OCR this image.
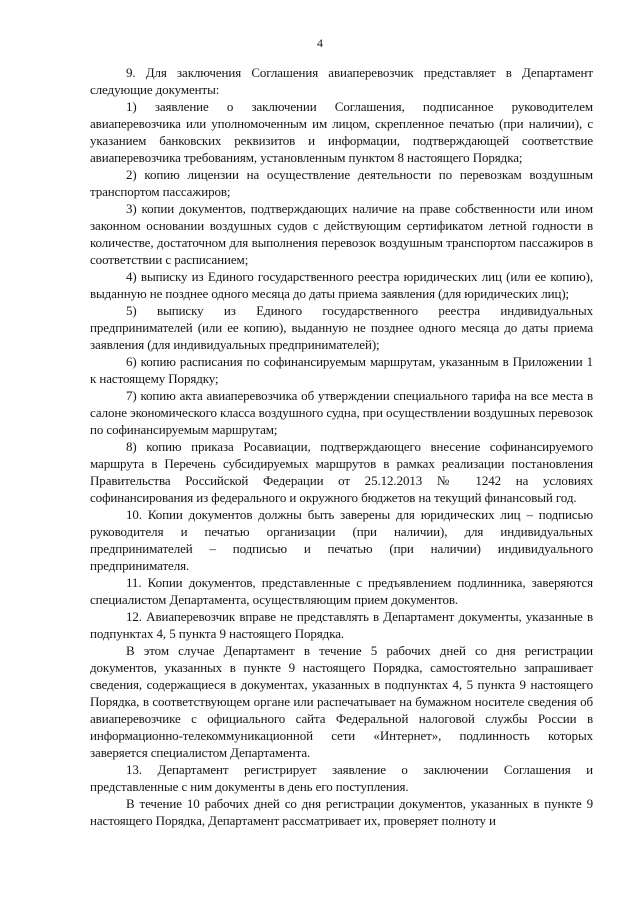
4

9. Для заключения Соглашения авиаперевозчик представляет в Департамент следующие документы:

1) заявление о заключении Соглашения, подписанное руководителем авиаперевозчика или уполномоченным им лицом, скрепленное печатью (при наличии), с указанием банковских реквизитов и информации, подтверждающей соответствие авиаперевозчика требованиям, установленным пунктом 8 настоящего Порядка;

2) копию лицензии на осуществление деятельности по перевозкам воздушным транспортом пассажиров;

3) копии документов, подтверждающих наличие на праве собственности или ином законном основании воздушных судов с действующим сертификатом летной годности в количестве, достаточном для выполнения перевозок воздушным транспортом пассажиров в соответствии с расписанием;

4) выписку из Единого государственного реестра юридических лиц (или ее копию), выданную не позднее одного месяца до даты приема заявления (для юридических лиц);

5) выписку из Единого государственного реестра индивидуальных предпринимателей (или ее копию), выданную не позднее одного месяца до даты приема заявления (для индивидуальных предпринимателей);

6) копию расписания по софинансируемым маршрутам, указанным в Приложении 1 к настоящему Порядку;

7) копию акта авиаперевозчика об утверждении специального тарифа на все места в салоне экономического класса воздушного судна, при осуществлении воздушных перевозок по софинансируемым маршрутам;

8) копию приказа Росавиации, подтверждающего внесение софинансируемого маршрута в Перечень субсидируемых маршрутов в рамках реализации постановления Правительства Российской Федерации от 25.12.2013 № 1242 на условиях софинансирования из федерального и окружного бюджетов на текущий финансовый год.

10. Копии документов должны быть заверены для юридических лиц – подписью руководителя и печатью организации (при наличии), для индивидуальных предпринимателей – подписью и печатью (при наличии) индивидуального предпринимателя.

11. Копии документов, представленные с предъявлением подлинника, заверяются специалистом Департамента, осуществляющим прием документов.

12. Авиаперевозчик вправе не представлять в Департамент документы, указанные в подпунктах 4, 5 пункта 9 настоящего Порядка.

В этом случае Департамент в течение 5 рабочих дней со дня регистрации документов, указанных в пункте 9 настоящего Порядка, самостоятельно запрашивает сведения, содержащиеся в документах, указанных в подпунктах 4, 5 пункта 9 настоящего Порядка, в соответствующем органе или распечатывает на бумажном носителе сведения об авиаперевозчике с официального сайта Федеральной налоговой службы России в информационно-телекоммуникационной сети «Интернет», подлинность которых заверяется специалистом Департамента.

13. Департамент регистрирует заявление о заключении Соглашения и представленные с ним документы в день его поступления.

В течение 10 рабочих дней со дня регистрации документов, указанных в пункте 9 настоящего Порядка, Департамент рассматривает их, проверяет полноту и
